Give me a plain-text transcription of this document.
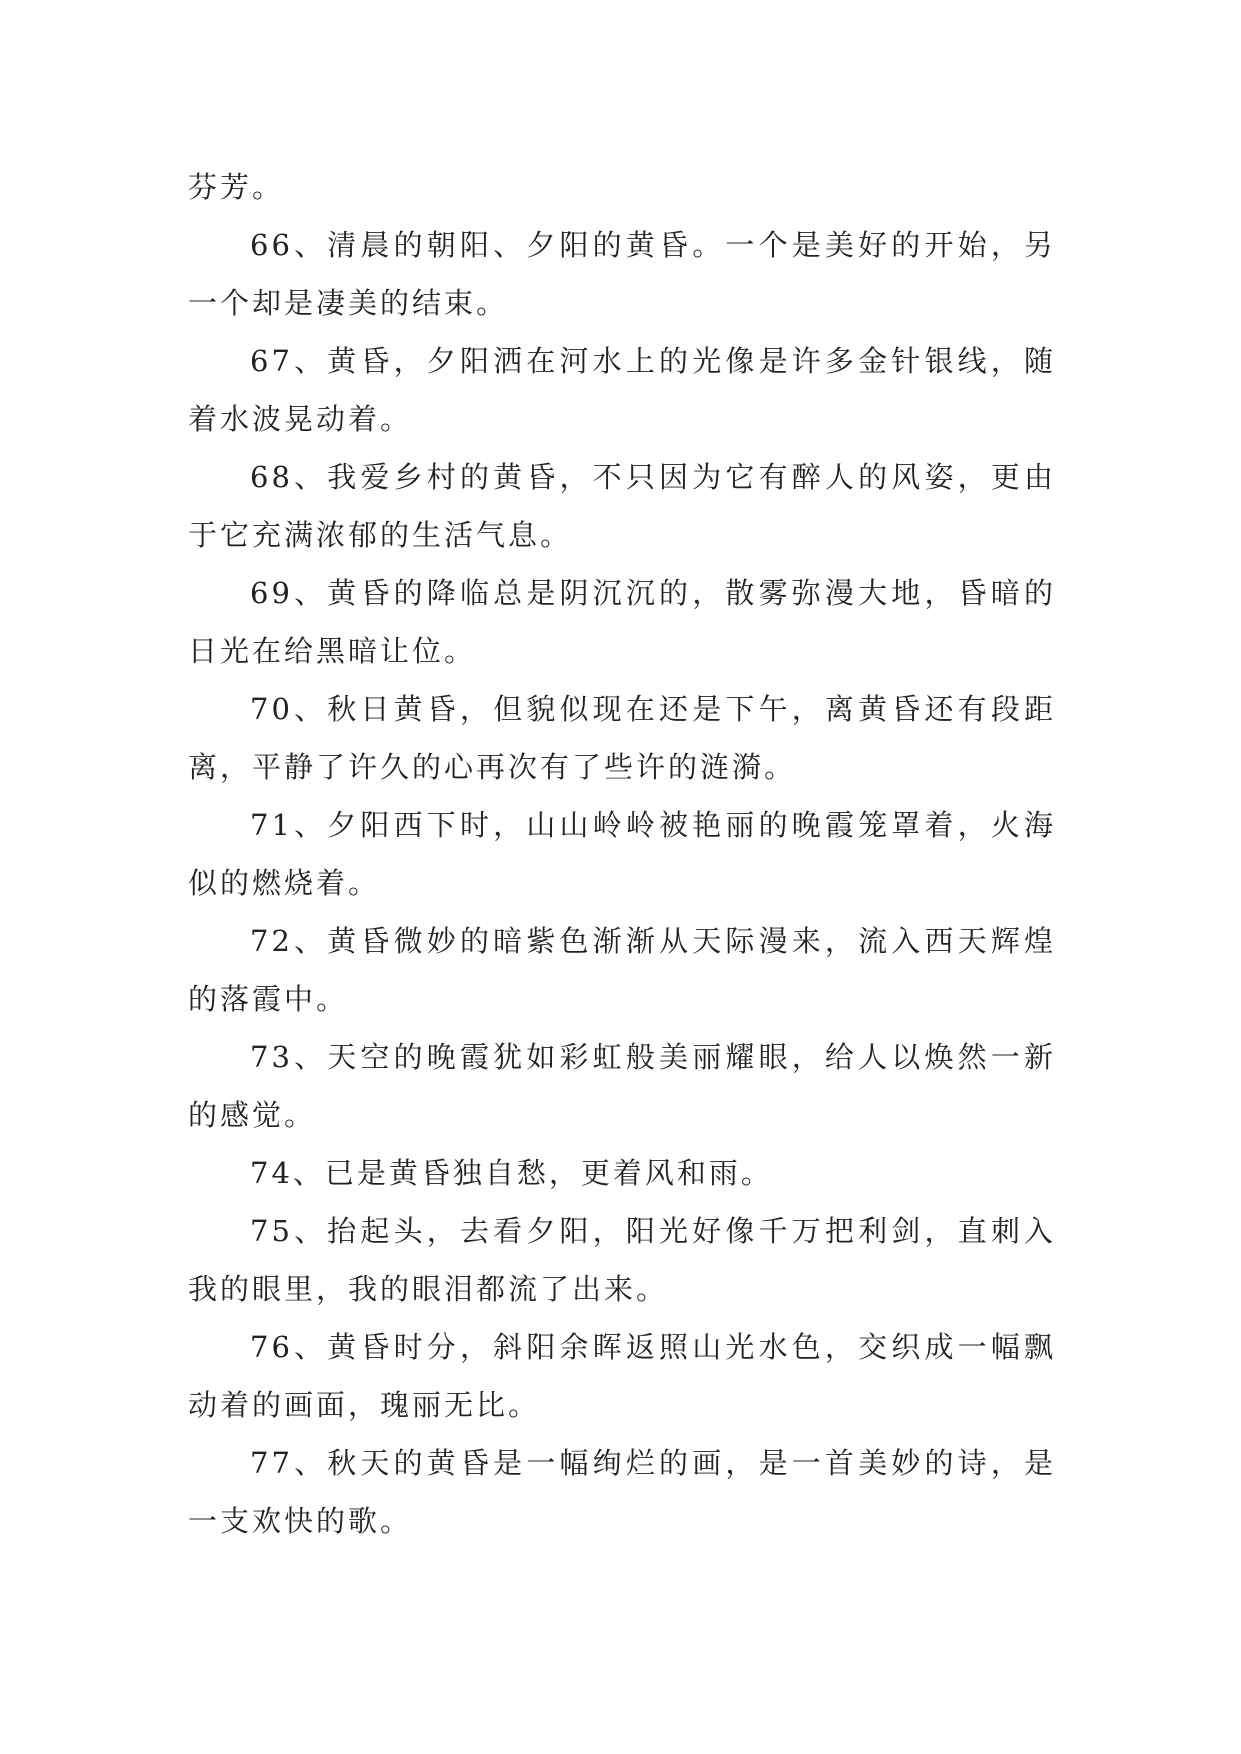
芬芳。

66、清晨的朝阳、夕阳的黄昏。一个是美好的开始，另一个却是凄美的结束。

67、黄昏，夕阳洒在河水上的光像是许多金针银线，随着水波晃动着。

68、我爱乡村的黄昏，不只因为它有醉人的风姿，更由于它充满浓郁的生活气息。

69、黄昏的降临总是阴沉沉的，散雾弥漫大地，昏暗的日光在给黑暗让位。

70、秋日黄昏，但貌似现在还是下午，离黄昏还有段距离，平静了许久的心再次有了些许的涟漪。

71、夕阳西下时，山山岭岭被艳丽的晚霞笼罩着，火海似的燃烧着。

72、黄昏微妙的暗紫色渐渐从天际漫来，流入西天辉煌的落霞中。

73、天空的晚霞犹如彩虹般美丽耀眼，给人以焕然一新的感觉。

74、已是黄昏独自愁，更着风和雨。

75、抬起头，去看夕阳，阳光好像千万把利剑，直刺入我的眼里，我的眼泪都流了出来。

76、黄昏时分，斜阳余晖返照山光水色，交织成一幅飘动着的画面，瑰丽无比。

77、秋天的黄昏是一幅绚烂的画，是一首美妙的诗，是一支欢快的歌。
